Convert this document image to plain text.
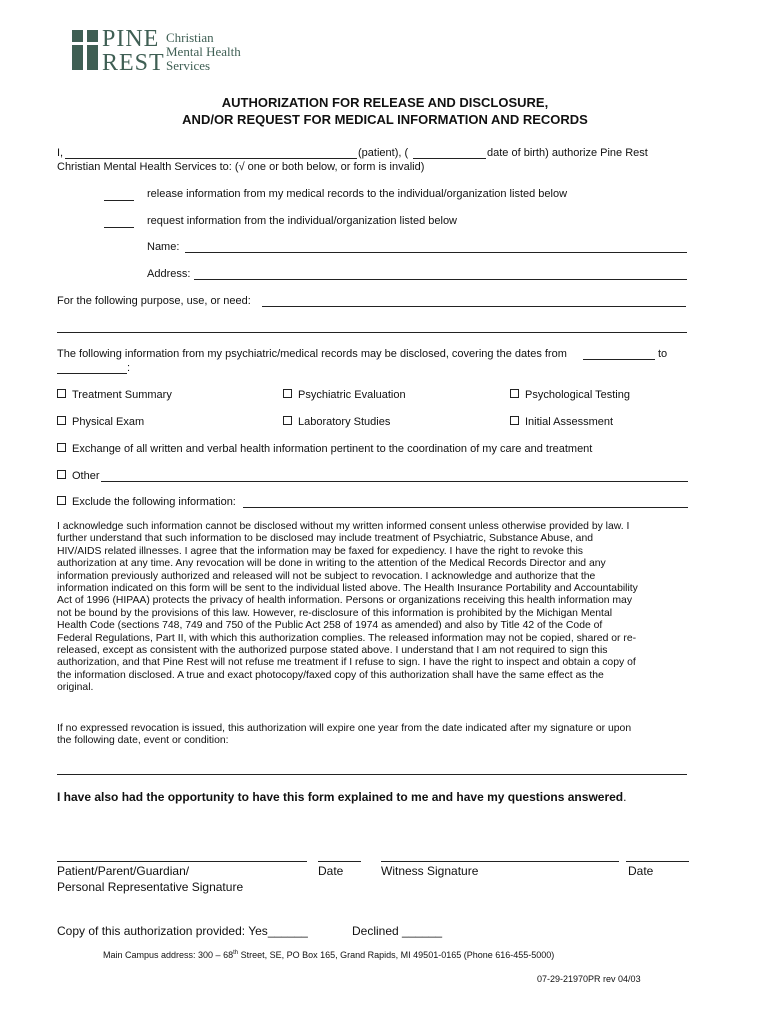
PINE
REST
Christian
Mental Health
Services
AUTHORIZATION FOR RELEASE AND DISCLOSURE,
AND/OR REQUEST FOR MEDICAL INFORMATION AND RECORDS
I,	(patient), (	date of birth) authorize Pine Rest
Christian Mental Health Services to: (√ one or both below, or form is invalid)
release information from my medical records to the individual/organization listed below
request information from the individual/organization listed below
Name:
Address:
For the following purpose, use, or need:
The following information from my psychiatric/medical records may be disclosed, covering the dates from	to
:
Treatment Summary	Psychiatric Evaluation	Psychological Testing
Physical Exam	Laboratory Studies	Initial Assessment
Exchange of all written and verbal health information pertinent to the coordination of my care and treatment
Other
Exclude the following information:
I acknowledge such information cannot be disclosed without my written informed consent unless otherwise provided by law. I
further understand that such information to be disclosed may include treatment of Psychiatric, Substance Abuse, and
HIV/AIDS related illnesses. I agree that the information may be faxed for expediency. I have the right to revoke this
authorization at any time. Any revocation will be done in writing to the attention of the Medical Records Director and any
information previously authorized and released will not be subject to revocation. I acknowledge and authorize that the
information indicated on this form will be sent to the individual listed above. The Health Insurance Portability and Accountability
Act of 1996 (HIPAA) protects the privacy of health information. Persons or organizations receiving this health information may
not be bound by the provisions of this law. However, re-disclosure of this information is prohibited by the Michigan Mental
Health Code (sections 748, 749 and 750 of the Public Act 258 of 1974 as amended) and also by Title 42 of the Code of
Federal Regulations, Part II, with which this authorization complies. The released information may not be copied, shared or re-
released, except as consistent with the authorized purpose stated above. I understand that I am not required to sign this
authorization, and that Pine Rest will not refuse me treatment if I refuse to sign. I have the right to inspect and obtain a copy of
the information disclosed. A true and exact photocopy/faxed copy of this authorization shall have the same effect as the
original.
If no expressed revocation is issued, this authorization will expire one year from the date indicated after my signature or upon
the following date, event or condition:
I have also had the opportunity to have this form explained to me and have my questions answered.
Patient/Parent/Guardian/
Personal Representative Signature
Date	Witness Signature	Date
Copy of this authorization provided: Yes______	Declined ______
Main Campus address: 300 – 68th Street, SE, PO Box 165, Grand Rapids, MI 49501-0165 (Phone 616-455-5000)
07-29-21970PR rev 04/03
